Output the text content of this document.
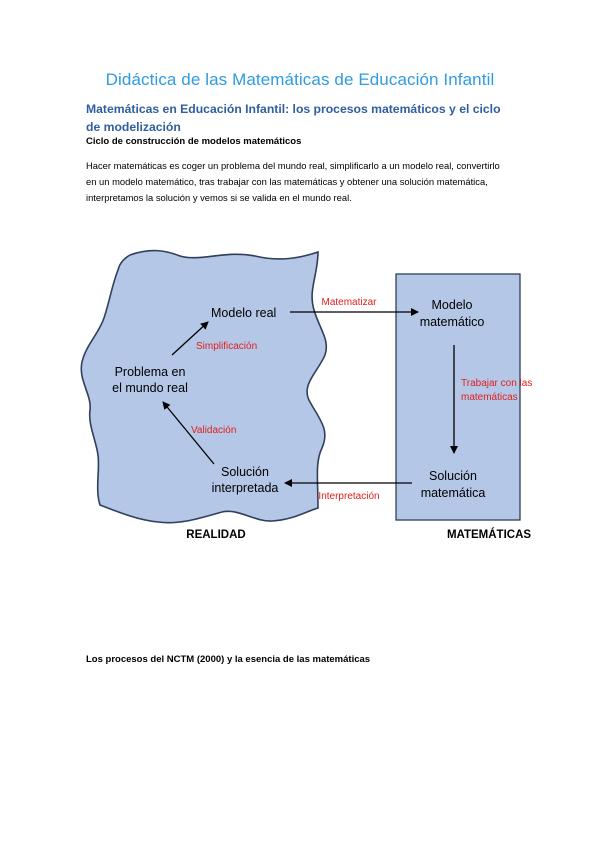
Didáctica de las Matemáticas de Educación Infantil
Matemáticas en Educación Infantil: los procesos matemáticos y el ciclo de modelización
Ciclo de construcción de modelos matemáticos

Hacer matemáticas es coger un problema del mundo real, simplificarlo a un modelo real, convertirlo en un modelo matemático, tras trabajar con las matemáticas y obtener una solución matemática, interpretamos la solución y vemos si se valida en el mundo real.

Modelo real
Problema en
el mundo real
Solución
interpretada
Modelo
matemático
Solución
matemática
Matematizar
Simplificación
Validación
Trabajar con las
matemáticas
Interpretación
REALIDAD	MATEMÁTICAS
Los procesos del NCTM (2000) y la esencia de las matemáticas
